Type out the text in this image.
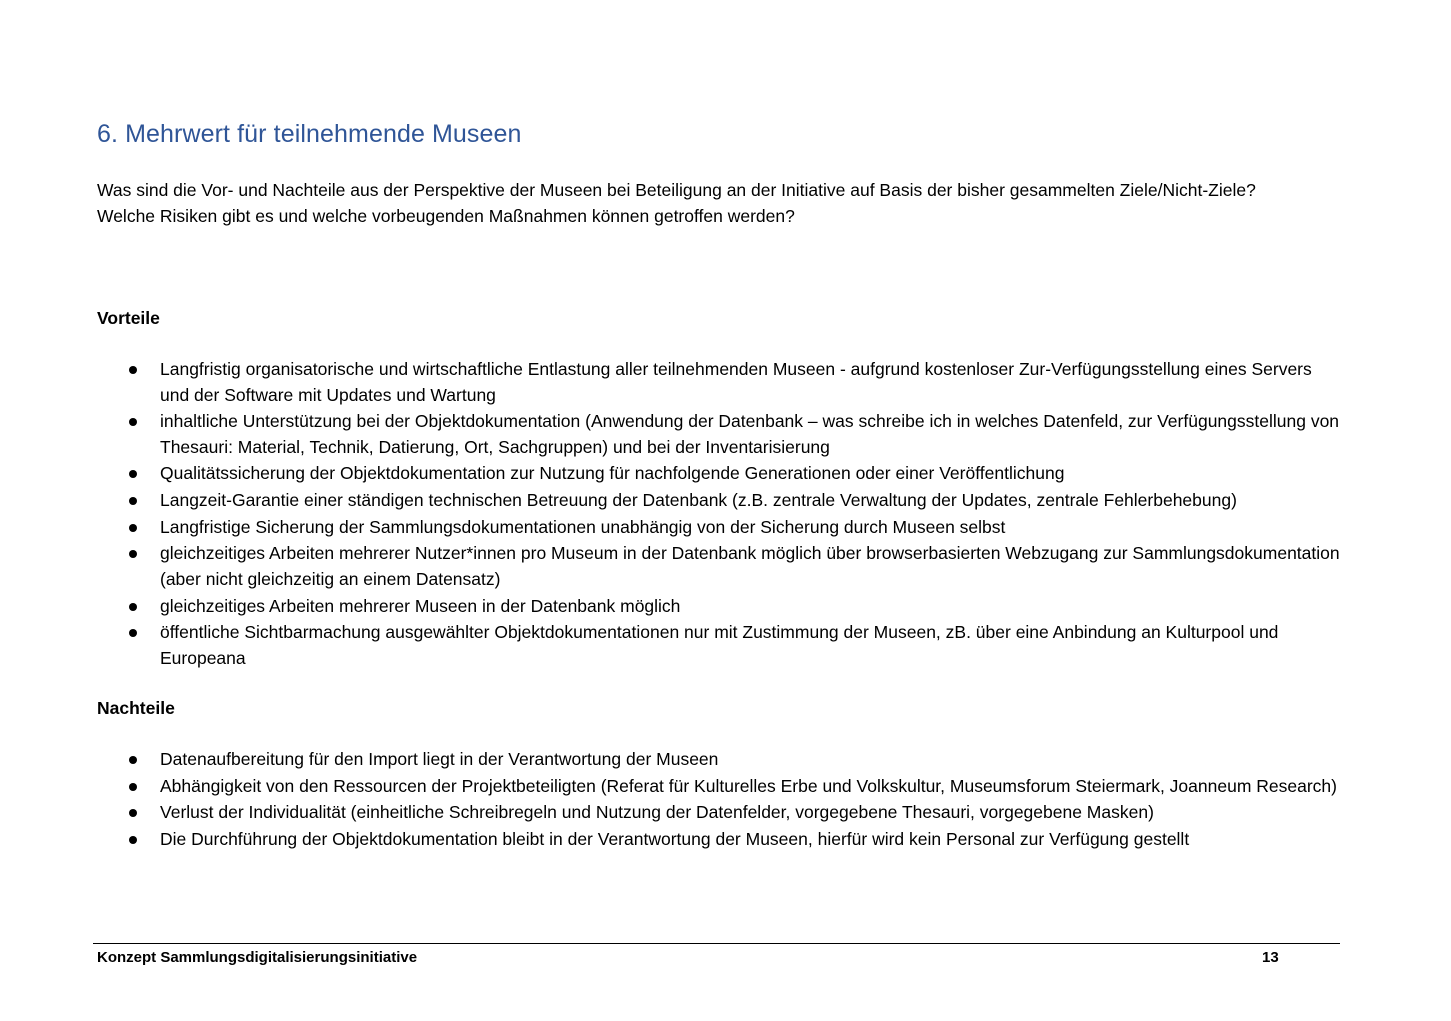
6. Mehrwert für teilnehmende Museen

Was sind die Vor- und Nachteile aus der Perspektive der Museen bei Beteiligung an der Initiative auf Basis der bisher gesammelten Ziele/Nicht-Ziele?

Welche Risiken gibt es und welche vorbeugenden Maßnahmen können getroffen werden?

Vorteile
Langfristig organisatorische und wirtschaftliche Entlastung aller teilnehmenden Museen - aufgrund kostenloser Zur-Verfügungsstellung eines Servers und der Software mit Updates und Wartung
inhaltliche Unterstützung bei der Objektdokumentation (Anwendung der Datenbank – was schreibe ich in welches Datenfeld, zur Verfügungsstellung von Thesauri: Material, Technik, Datierung, Ort, Sachgruppen) und bei der Inventarisierung
Qualitätssicherung der Objektdokumentation zur Nutzung für nachfolgende Generationen oder einer Veröffentlichung
Langzeit-Garantie einer ständigen technischen Betreuung der Datenbank (z.B. zentrale Verwaltung der Updates, zentrale Fehlerbehebung)
Langfristige Sicherung der Sammlungsdokumentationen unabhängig von der Sicherung durch Museen selbst
gleichzeitiges Arbeiten mehrerer Nutzer*innen pro Museum in der Datenbank möglich über browserbasierten Webzugang zur Sammlungsdokumentation (aber nicht gleichzeitig an einem Datensatz)
gleichzeitiges Arbeiten mehrerer Museen in der Datenbank möglich
öffentliche Sichtbarmachung ausgewählter Objektdokumentationen nur mit Zustimmung der Museen, zB. über eine Anbindung an Kulturpool und Europeana
Nachteile
Datenaufbereitung für den Import liegt in der Verantwortung der Museen
Abhängigkeit von den Ressourcen der Projektbeteiligten (Referat für Kulturelles Erbe und Volkskultur, Museumsforum Steiermark, Joanneum Research)
Verlust der Individualität (einheitliche Schreibregeln und Nutzung der Datenfelder, vorgegebene Thesauri, vorgegebene Masken)
Die Durchführung der Objektdokumentation bleibt in der Verantwortung der Museen, hierfür wird kein Personal zur Verfügung gestellt
Konzept Sammlungsdigitalisierungsinitiative	13
